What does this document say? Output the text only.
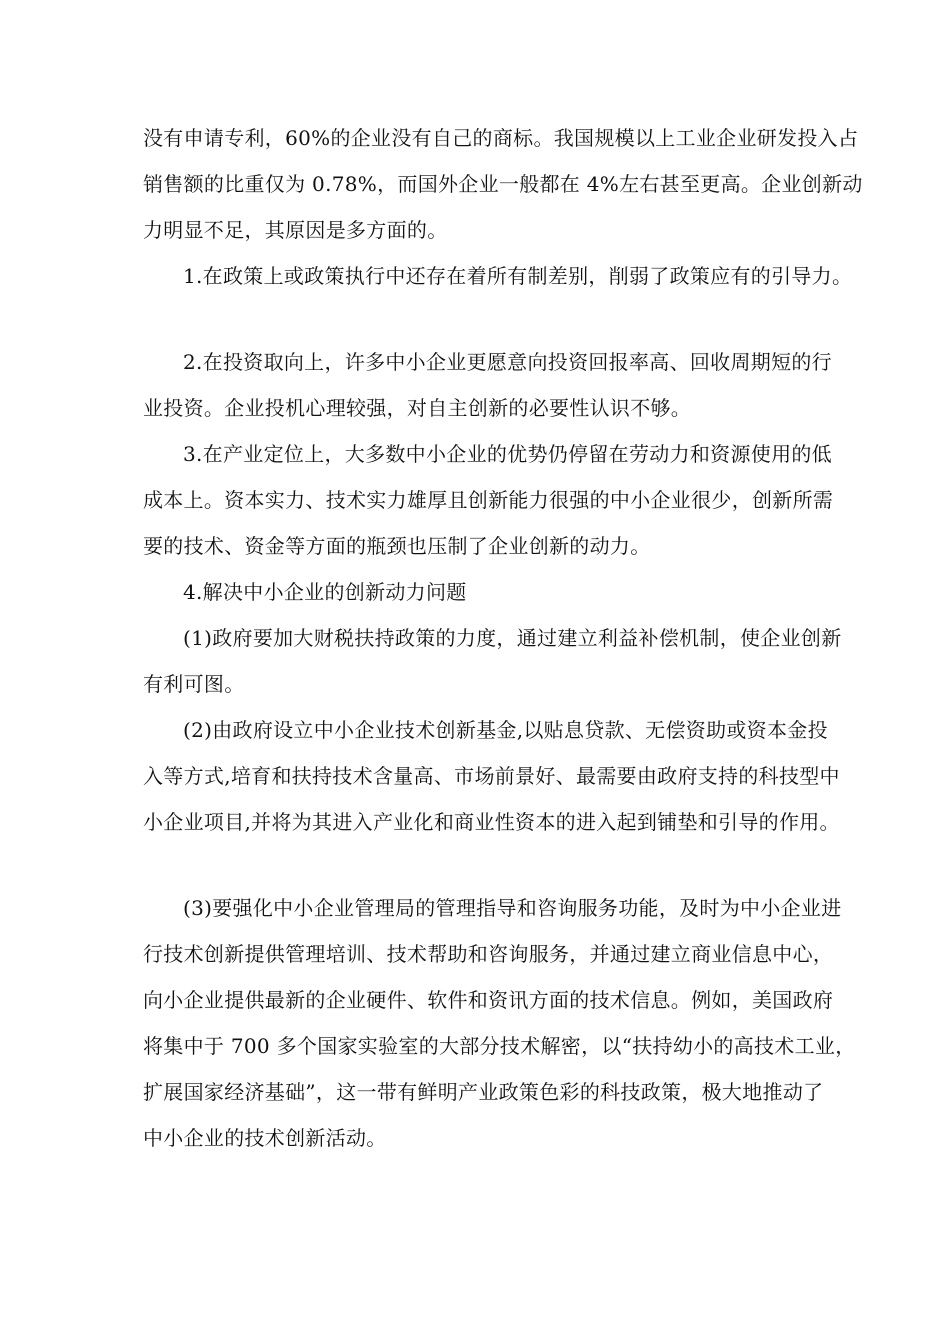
没有申请专利，60%的企业没有自己的商标。我国规模以上工业企业研发投入占
销售额的比重仅为 0.78%，而国外企业一般都在 4%左右甚至更高。企业创新动
力明显不足，其原因是多方面的。
1.在政策上或政策执行中还存在着所有制差别，削弱了政策应有的引导力。
2.在投资取向上，许多中小企业更愿意向投资回报率高、回收周期短的行
业投资。企业投机心理较强，对自主创新的必要性认识不够。
3.在产业定位上，大多数中小企业的优势仍停留在劳动力和资源使用的低
成本上。资本实力、技术实力雄厚且创新能力很强的中小企业很少，创新所需
要的技术、资金等方面的瓶颈也压制了企业创新的动力。
4.解决中小企业的创新动力问题
(1)政府要加大财税扶持政策的力度，通过建立利益补偿机制，使企业创新
有利可图。
(2)由政府设立中小企业技术创新基金,以贴息贷款、无偿资助或资本金投
入等方式,培育和扶持技术含量高、市场前景好、最需要由政府支持的科技型中
小企业项目,并将为其进入产业化和商业性资本的进入起到铺垫和引导的作用。
(3)要强化中小企业管理局的管理指导和咨询服务功能，及时为中小企业进
行技术创新提供管理培训、技术帮助和咨询服务，并通过建立商业信息中心，
向小企业提供最新的企业硬件、软件和资讯方面的技术信息。例如，美国政府
将集中于 700 多个国家实验室的大部分技术解密，以“扶持幼小的高技术工业，
扩展国家经济基础”，这一带有鲜明产业政策色彩的科技政策，极大地推动了
中小企业的技术创新活动。
